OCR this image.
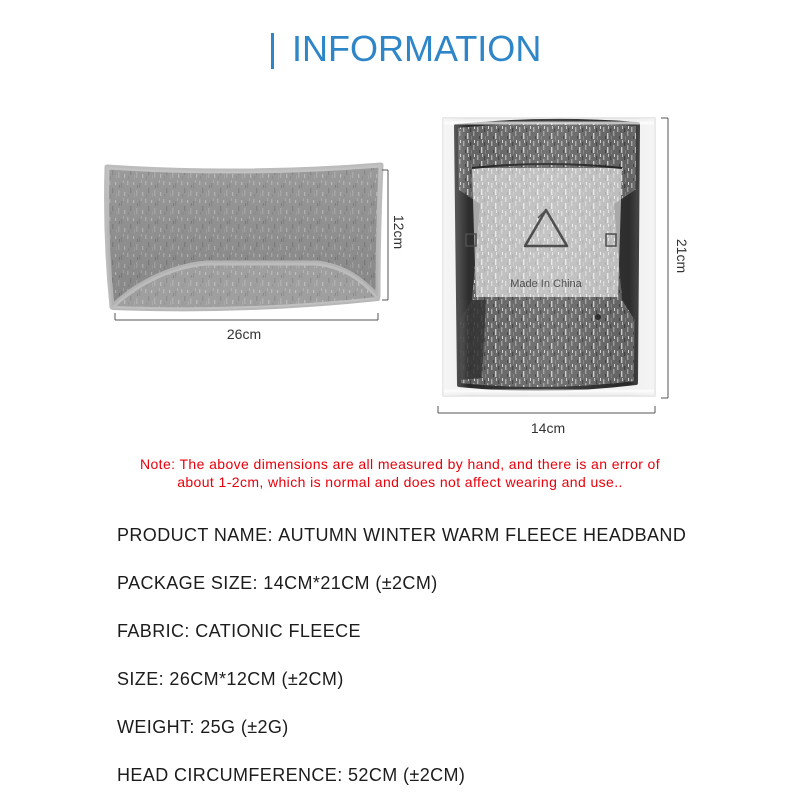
INFORMATION
12cm
26cm
21cm
14cm
Note: The above dimensions are all measured by hand, and there is an error of
about 1-2cm, which is normal and does not affect wearing and use..
PRODUCT NAME: AUTUMN WINTER WARM FLEECE HEADBAND
PACKAGE SIZE: 14CM*21CM (±2CM)
FABRIC: CATIONIC FLEECE
SIZE: 26CM*12CM (±2CM)
WEIGHT: 25G (±2G)
HEAD CIRCUMFERENCE: 52CM (±2CM)
